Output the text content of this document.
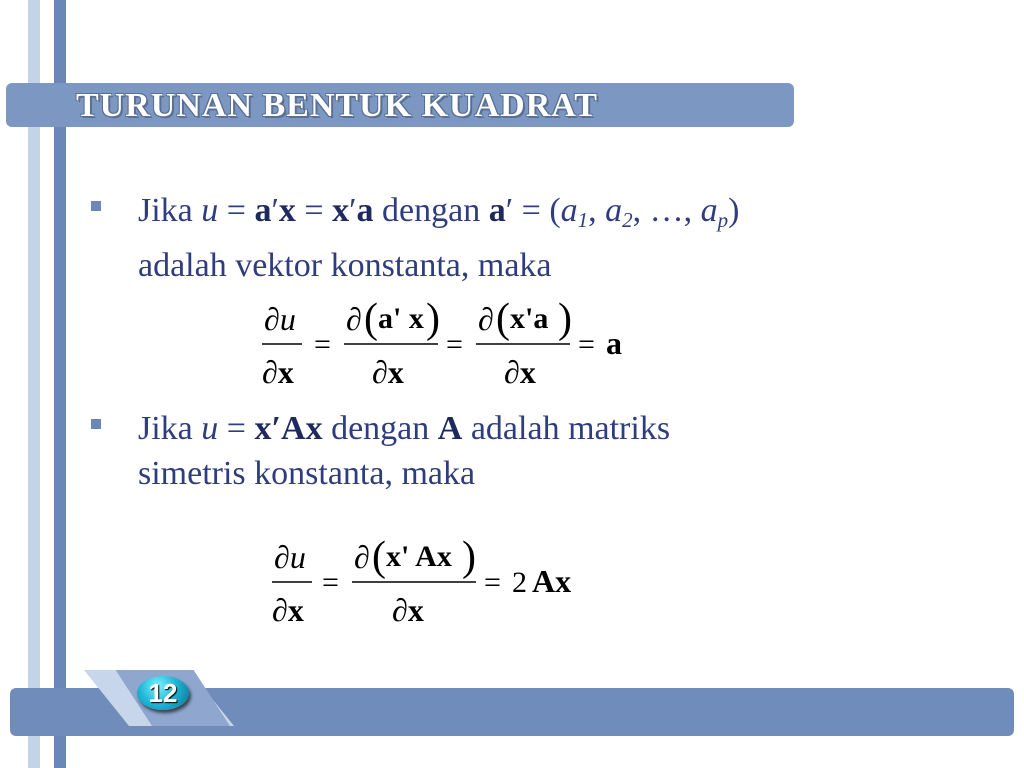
TURUNAN BENTUK KUADRAT
Jika u = a′x = x′a dengan $a' = (a_1$, $a_2$, …, $a_p$)
adalah vektor konstanta, maka
∂u
∂x
=
∂ ( a' x )
∂x
=
∂ ( x'a )
∂x
= a
Jika u = x′Ax dengan A adalah matriks
simetris konstanta, maka
∂u
∂x
=
∂ ( x' Ax )
∂x
= 2 Ax
12
